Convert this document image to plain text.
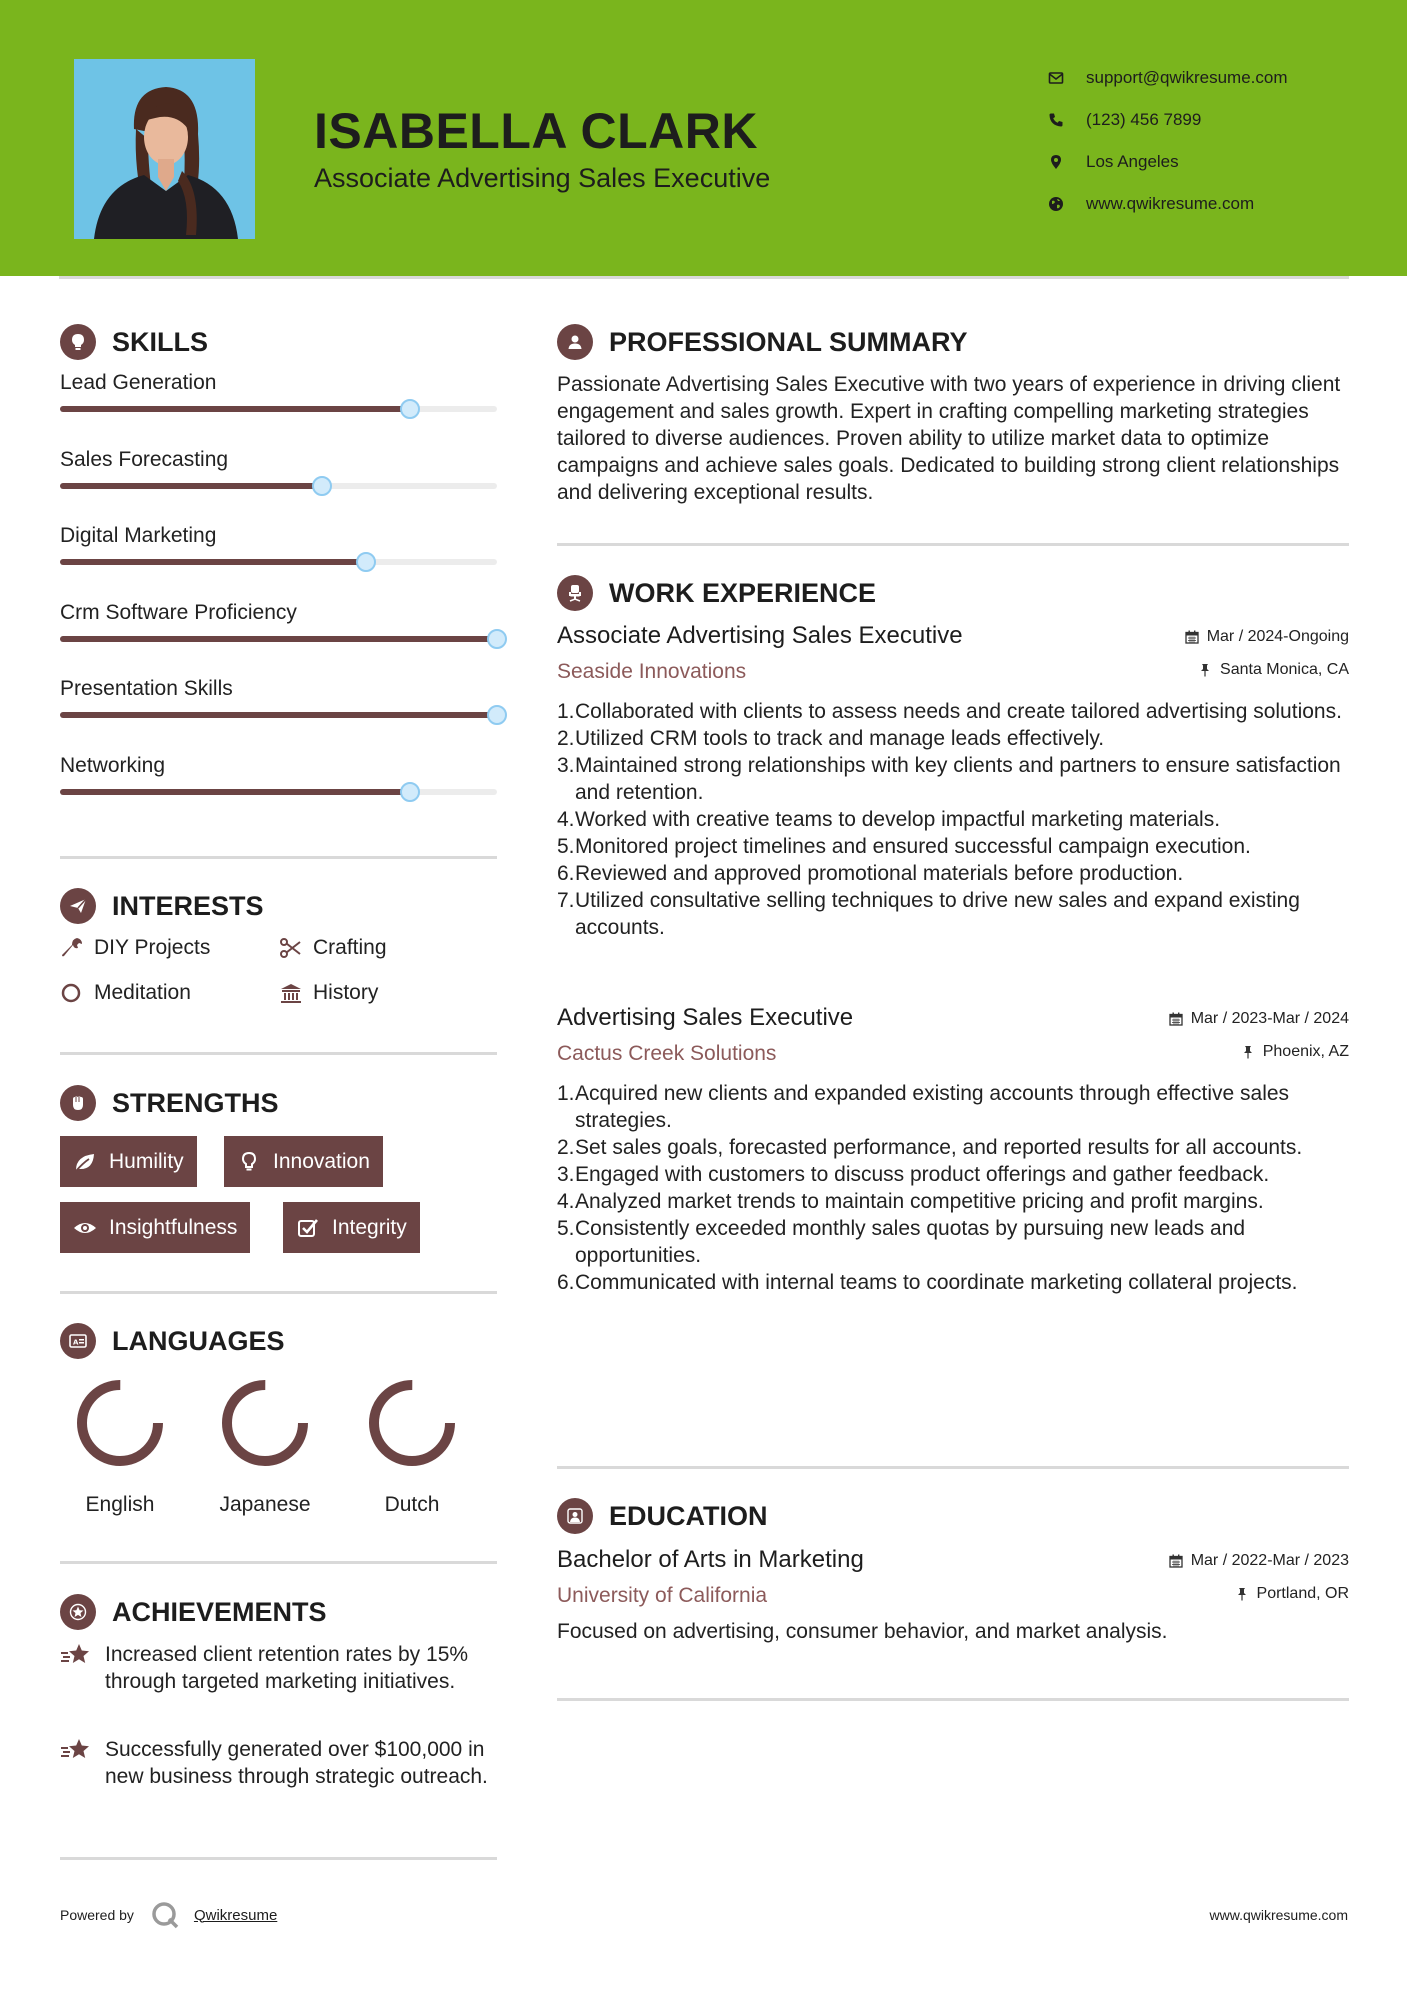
ISABELLA CLARK
Associate Advertising Sales Executive
support@qwikresume.com
(123) 456 7899
Los Angeles
www.qwikresume.com
SKILLS
Lead Generation
Sales Forecasting
Digital Marketing
Crm Software Proficiency
Presentation Skills
Networking
INTERESTS
DIY Projects	Crafting
Meditation	History
STRENGTHS
Humility	Innovation
Insightfulness	Integrity
A LANGUAGES
English	Japanese	Dutch
ACHIEVEMENTS
Increased client retention rates by 15% through targeted marketing initiatives.
Successfully generated over $100,000 in new business through strategic outreach.
PROFESSIONAL SUMMARY
Passionate Advertising Sales Executive with two years of experience in driving client engagement and sales growth. Expert in crafting compelling marketing strategies tailored to diverse audiences. Proven ability to utilize market data to optimize campaigns and achieve sales goals. Dedicated to building strong client relationships and delivering exceptional results.
WORK EXPERIENCE
Associate Advertising Sales Executive
Seaside Innovations
Mar / 2024-Ongoing
Santa Monica, CA
1. Collaborated with clients to assess needs and create tailored advertising solutions.
2. Utilized CRM tools to track and manage leads effectively.
3. Maintained strong relationships with key clients and partners to ensure satisfaction and retention.
4. Worked with creative teams to develop impactful marketing materials.
5. Monitored project timelines and ensured successful campaign execution.
6. Reviewed and approved promotional materials before production.
7. Utilized consultative selling techniques to drive new sales and expand existing accounts.
Advertising Sales Executive
Cactus Creek Solutions
Mar / 2023-Mar / 2024
Phoenix, AZ
1. Acquired new clients and expanded existing accounts through effective sales strategies.
2. Set sales goals, forecasted performance, and reported results for all accounts.
3. Engaged with customers to discuss product offerings and gather feedback.
4. Analyzed market trends to maintain competitive pricing and profit margins.
5. Consistently exceeded monthly sales quotas by pursuing new leads and opportunities.
6. Communicated with internal teams to coordinate marketing collateral projects.
EDUCATION
Bachelor of Arts in Marketing
University of California
Mar / 2022-Mar / 2023
Portland, OR
Focused on advertising, consumer behavior, and market analysis.
Powered by	Qwikresume	www.qwikresume.com
